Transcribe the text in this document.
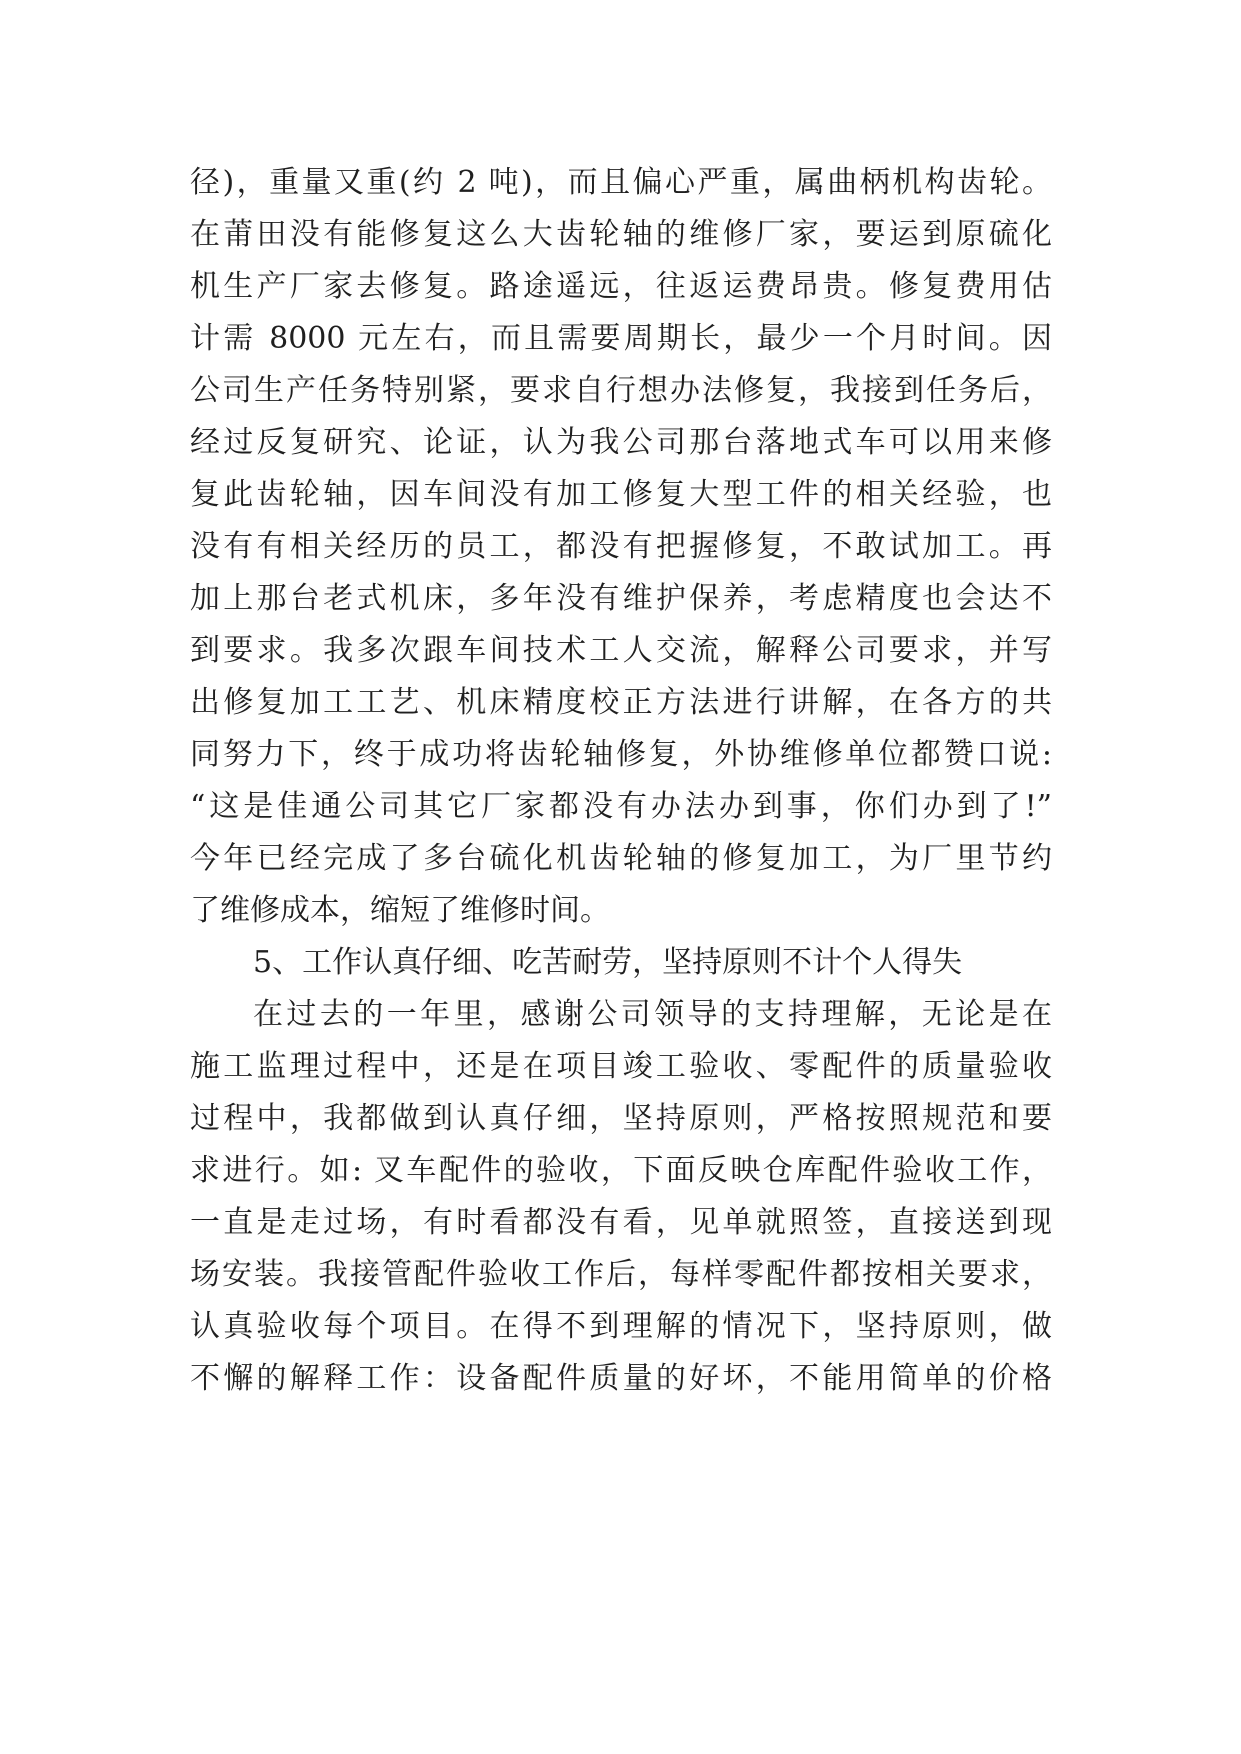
径)，重量又重(约 2 吨)，而且偏心严重，属曲柄机构齿轮。
在莆田没有能修复这么大齿轮轴的维修厂家，要运到原硫化
机生产厂家去修复。路途遥远，往返运费昂贵。修复费用估
计需 8000 元左右，而且需要周期长，最少一个月时间。因
公司生产任务特别紧，要求自行想办法修复，我接到任务后，
经过反复研究、论证，认为我公司那台落地式车可以用来修
复此齿轮轴，因车间没有加工修复大型工件的相关经验，也
没有有相关经历的员工，都没有把握修复，不敢试加工。再
加上那台老式机床，多年没有维护保养，考虑精度也会达不
到要求。我多次跟车间技术工人交流，解释公司要求，并写
出修复加工工艺、机床精度校正方法进行讲解，在各方的共
同努力下，终于成功将齿轮轴修复，外协维修单位都赞口说:
“这是佳通公司其它厂家都没有办法办到事，你们办到了!”
今年已经完成了多台硫化机齿轮轴的修复加工，为厂里节约
了维修成本，缩短了维修时间。
5、工作认真仔细、吃苦耐劳，坚持原则不计个人得失
在过去的一年里，感谢公司领导的支持理解，无论是在
施工监理过程中，还是在项目竣工验收、零配件的质量验收
过程中，我都做到认真仔细，坚持原则，严格按照规范和要
求进行。如: 叉车配件的验收，下面反映仓库配件验收工作，
一直是走过场，有时看都没有看，见单就照签，直接送到现
场安装。我接管配件验收工作后，每样零配件都按相关要求，
认真验收每个项目。在得不到理解的情况下，坚持原则，做
不懈的解释工作：设备配件质量的好坏，不能用简单的价格
